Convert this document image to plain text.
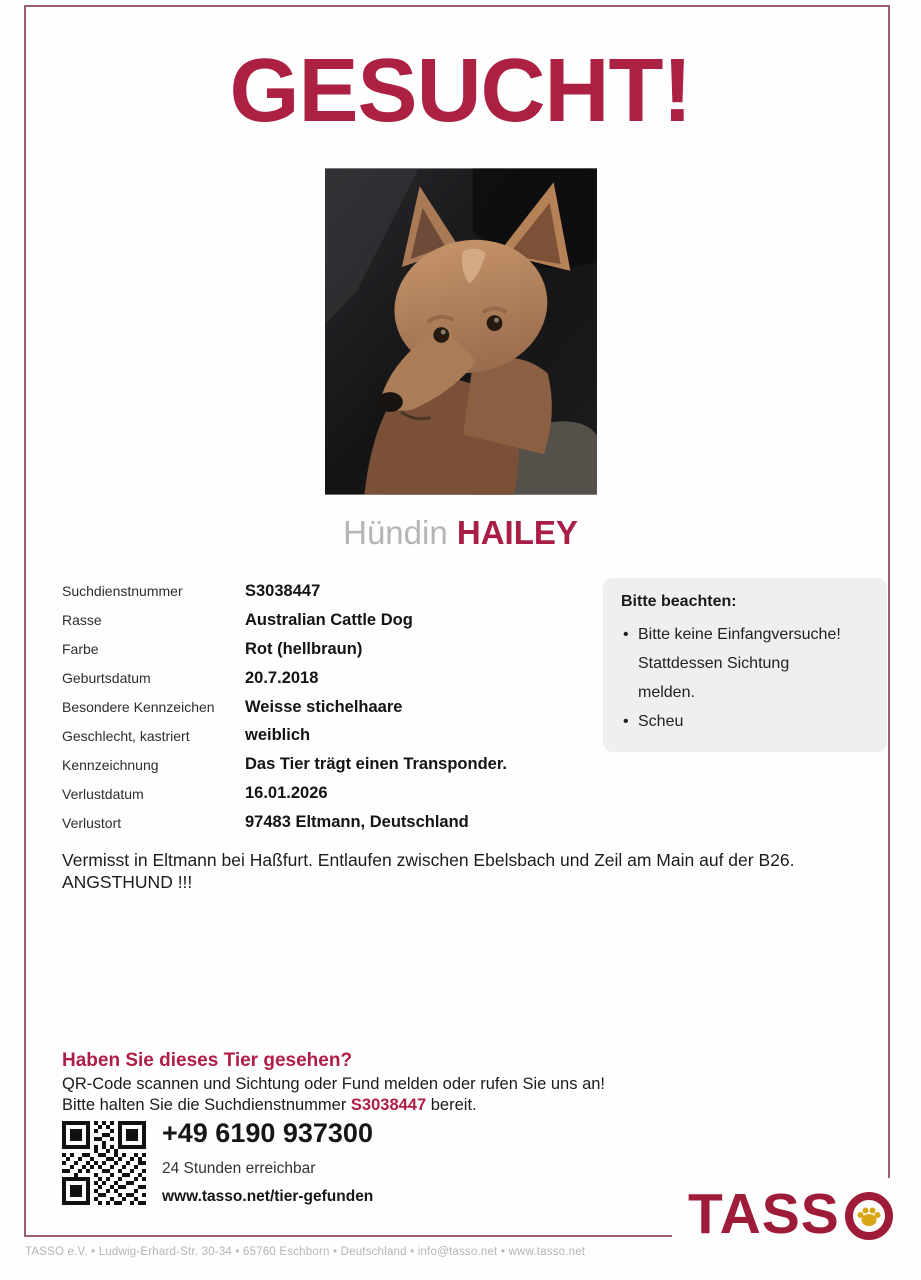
GESUCHT!
Hündin HAILEY
Suchdienstnummer	S3038447
Rasse	Australian Cattle Dog
Farbe	Rot (hellbraun)
Geburtsdatum	20.7.2018
Besondere Kennzeichen	Weisse stichelhaare
Geschlecht, kastriert	weiblich
Kennzeichnung	Das Tier trägt einen Transponder.
Verlustdatum	16.01.2026
Verlustort	97483 Eltmann, Deutschland
Bitte beachten:
• Bitte keine Einfangversuche!
Stattdessen Sichtung
melden.
• Scheu
Vermisst in Eltmann bei Haßfurt. Entlaufen zwischen Ebelsbach und Zeil am Main auf der B26.
ANGSTHUND !!!
Haben Sie dieses Tier gesehen?
QR-Code scannen und Sichtung oder Fund melden oder rufen Sie uns an!
Bitte halten Sie die Suchdienstnummer S3038447 bereit.
+49 6190 937300
24 Stunden erreichbar
www.tasso.net/tier-gefunden	TASS
TASSO e.V. • Ludwig-Erhard-Str. 30-34 • 65760 Eschborn • Deutschland • info@tasso.net • www.tasso.net
